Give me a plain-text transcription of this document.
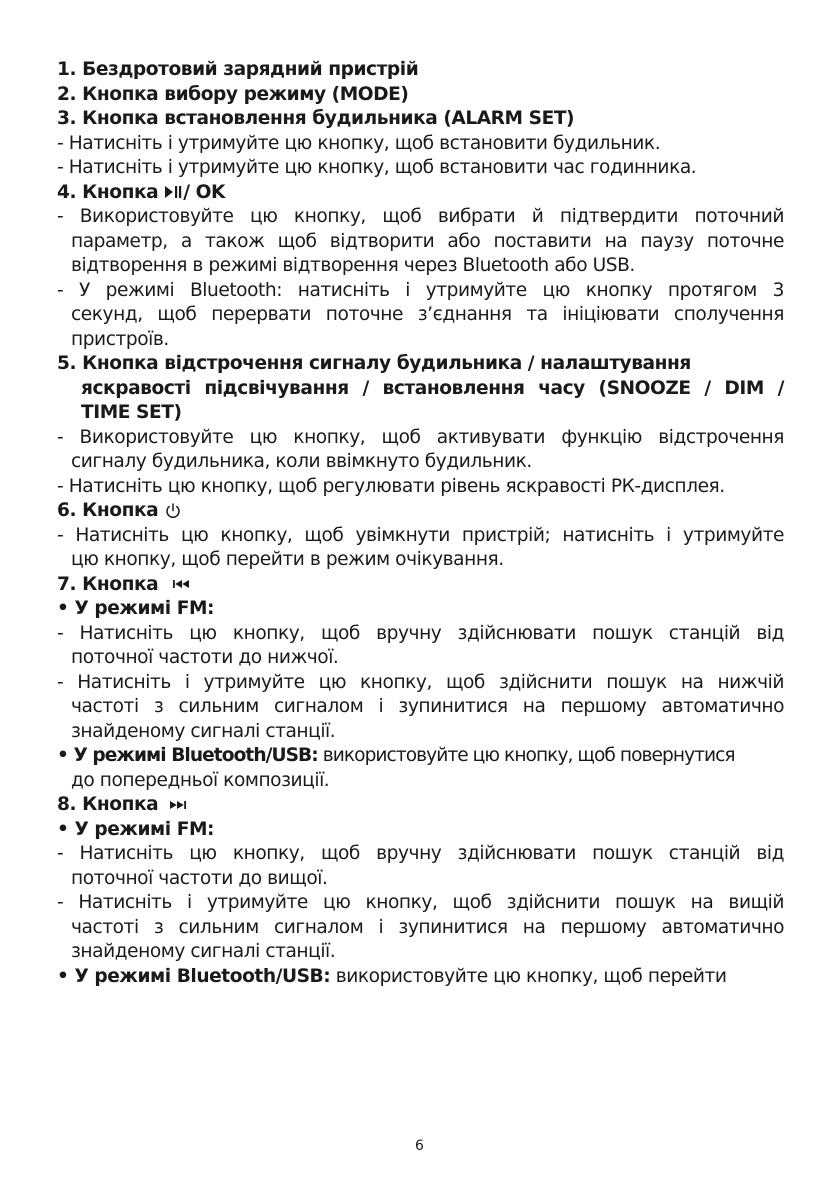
1. Бездротовий зарядний пристрій
2. Кнопка вибору режиму (MODE)
3. Кнопка встановлення будильника (ALARM SET)
- Натисніть і утримуйте цю кнопку, щоб встановити будильник.
- Натисніть і утримуйте цю кнопку, щоб встановити час годинника.
4. Кнопка / OK
- Використовуйте цю кнопку, щоб вибрати й підтвердити поточний
параметр, а також щоб відтворити або поставити на паузу поточне
відтворення в режимі відтворення через Bluetooth або USB.
- У режимі Bluetooth: натисніть і утримуйте цю кнопку протягом 3
секунд, щоб перервати поточне з’єднання та ініціювати сполучення
пристроїв.
5. Кнопка відстрочення сигналу будильника / налаштування
яскравості підсвічування / встановлення часу (SNOOZE / DIM /
TIME SET)
- Використовуйте цю кнопку, щоб активувати функцію відстрочення
сигналу будильника, коли ввімкнуто будильник.
- Натисніть цю кнопку, щоб регулювати рівень яскравості РК-дисплея.
6. Кнопка
- Натисніть цю кнопку, щоб увімкнути пристрій; натисніть і утримуйте
цю кнопку, щоб перейти в режим очікування.
7. Кнопка
• У режимі FM:
- Натисніть цю кнопку, щоб вручну здійснювати пошук станцій від
поточної частоти до нижчої.
- Натисніть і утримуйте цю кнопку, щоб здійснити пошук на нижчій
частоті з сильним сигналом і зупинитися на першому автоматично
знайденому сигналі станції.
• У режимі Bluetooth/USB: використовуйте цю кнопку, щоб повернутися
до попередньої композиції.
8. Кнопка
• У режимі FM:
- Натисніть цю кнопку, щоб вручну здійснювати пошук станцій від
поточної частоти до вищої.
- Натисніть і утримуйте цю кнопку, щоб здійснити пошук на вищій
частоті з сильним сигналом і зупинитися на першому автоматично
знайденому сигналі станції.
• У режимі Bluetooth/USB: використовуйте цю кнопку, щоб перейти
6
